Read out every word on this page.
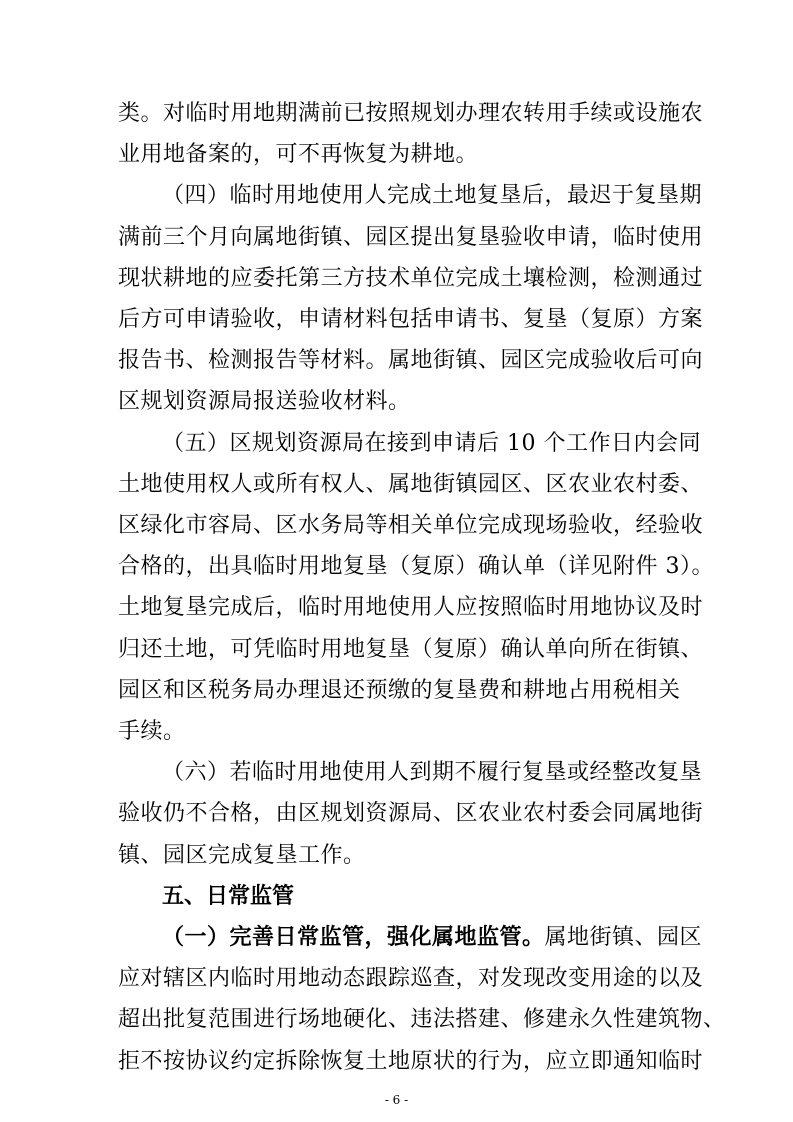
类。对临时用地期满前已按照规划办理农转用手续或设施农
业用地备案的，可不再恢复为耕地。
（四）临时用地使用人完成土地复垦后，最迟于复垦期
满前三个月向属地街镇、园区提出复垦验收申请，临时使用
现状耕地的应委托第三方技术单位完成土壤检测，检测通过
后方可申请验收，申请材料包括申请书、复垦（复原）方案
报告书、检测报告等材料。属地街镇、园区完成验收后可向
区规划资源局报送验收材料。
（五）区规划资源局在接到申请后 10 个工作日内会同
土地使用权人或所有权人、属地街镇园区、区农业农村委、
区绿化市容局、区水务局等相关单位完成现场验收，经验收
合格的，出具临时用地复垦（复原）确认单（详见附件 3）。
土地复垦完成后，临时用地使用人应按照临时用地协议及时
归还土地，可凭临时用地复垦（复原）确认单向所在街镇、
园区和区税务局办理退还预缴的复垦费和耕地占用税相关
手续。
（六）若临时用地使用人到期不履行复垦或经整改复垦
验收仍不合格，由区规划资源局、区农业农村委会同属地街
镇、园区完成复垦工作。
- 6 -
五、日常监管
（一）完善日常监管，强化属地监管。属地街镇、园区
应对辖区内临时用地动态跟踪巡查，对发现改变用途的以及
超出批复范围进行场地硬化、违法搭建、修建永久性建筑物、
拒不按协议约定拆除恢复土地原状的行为，应立即通知临时
